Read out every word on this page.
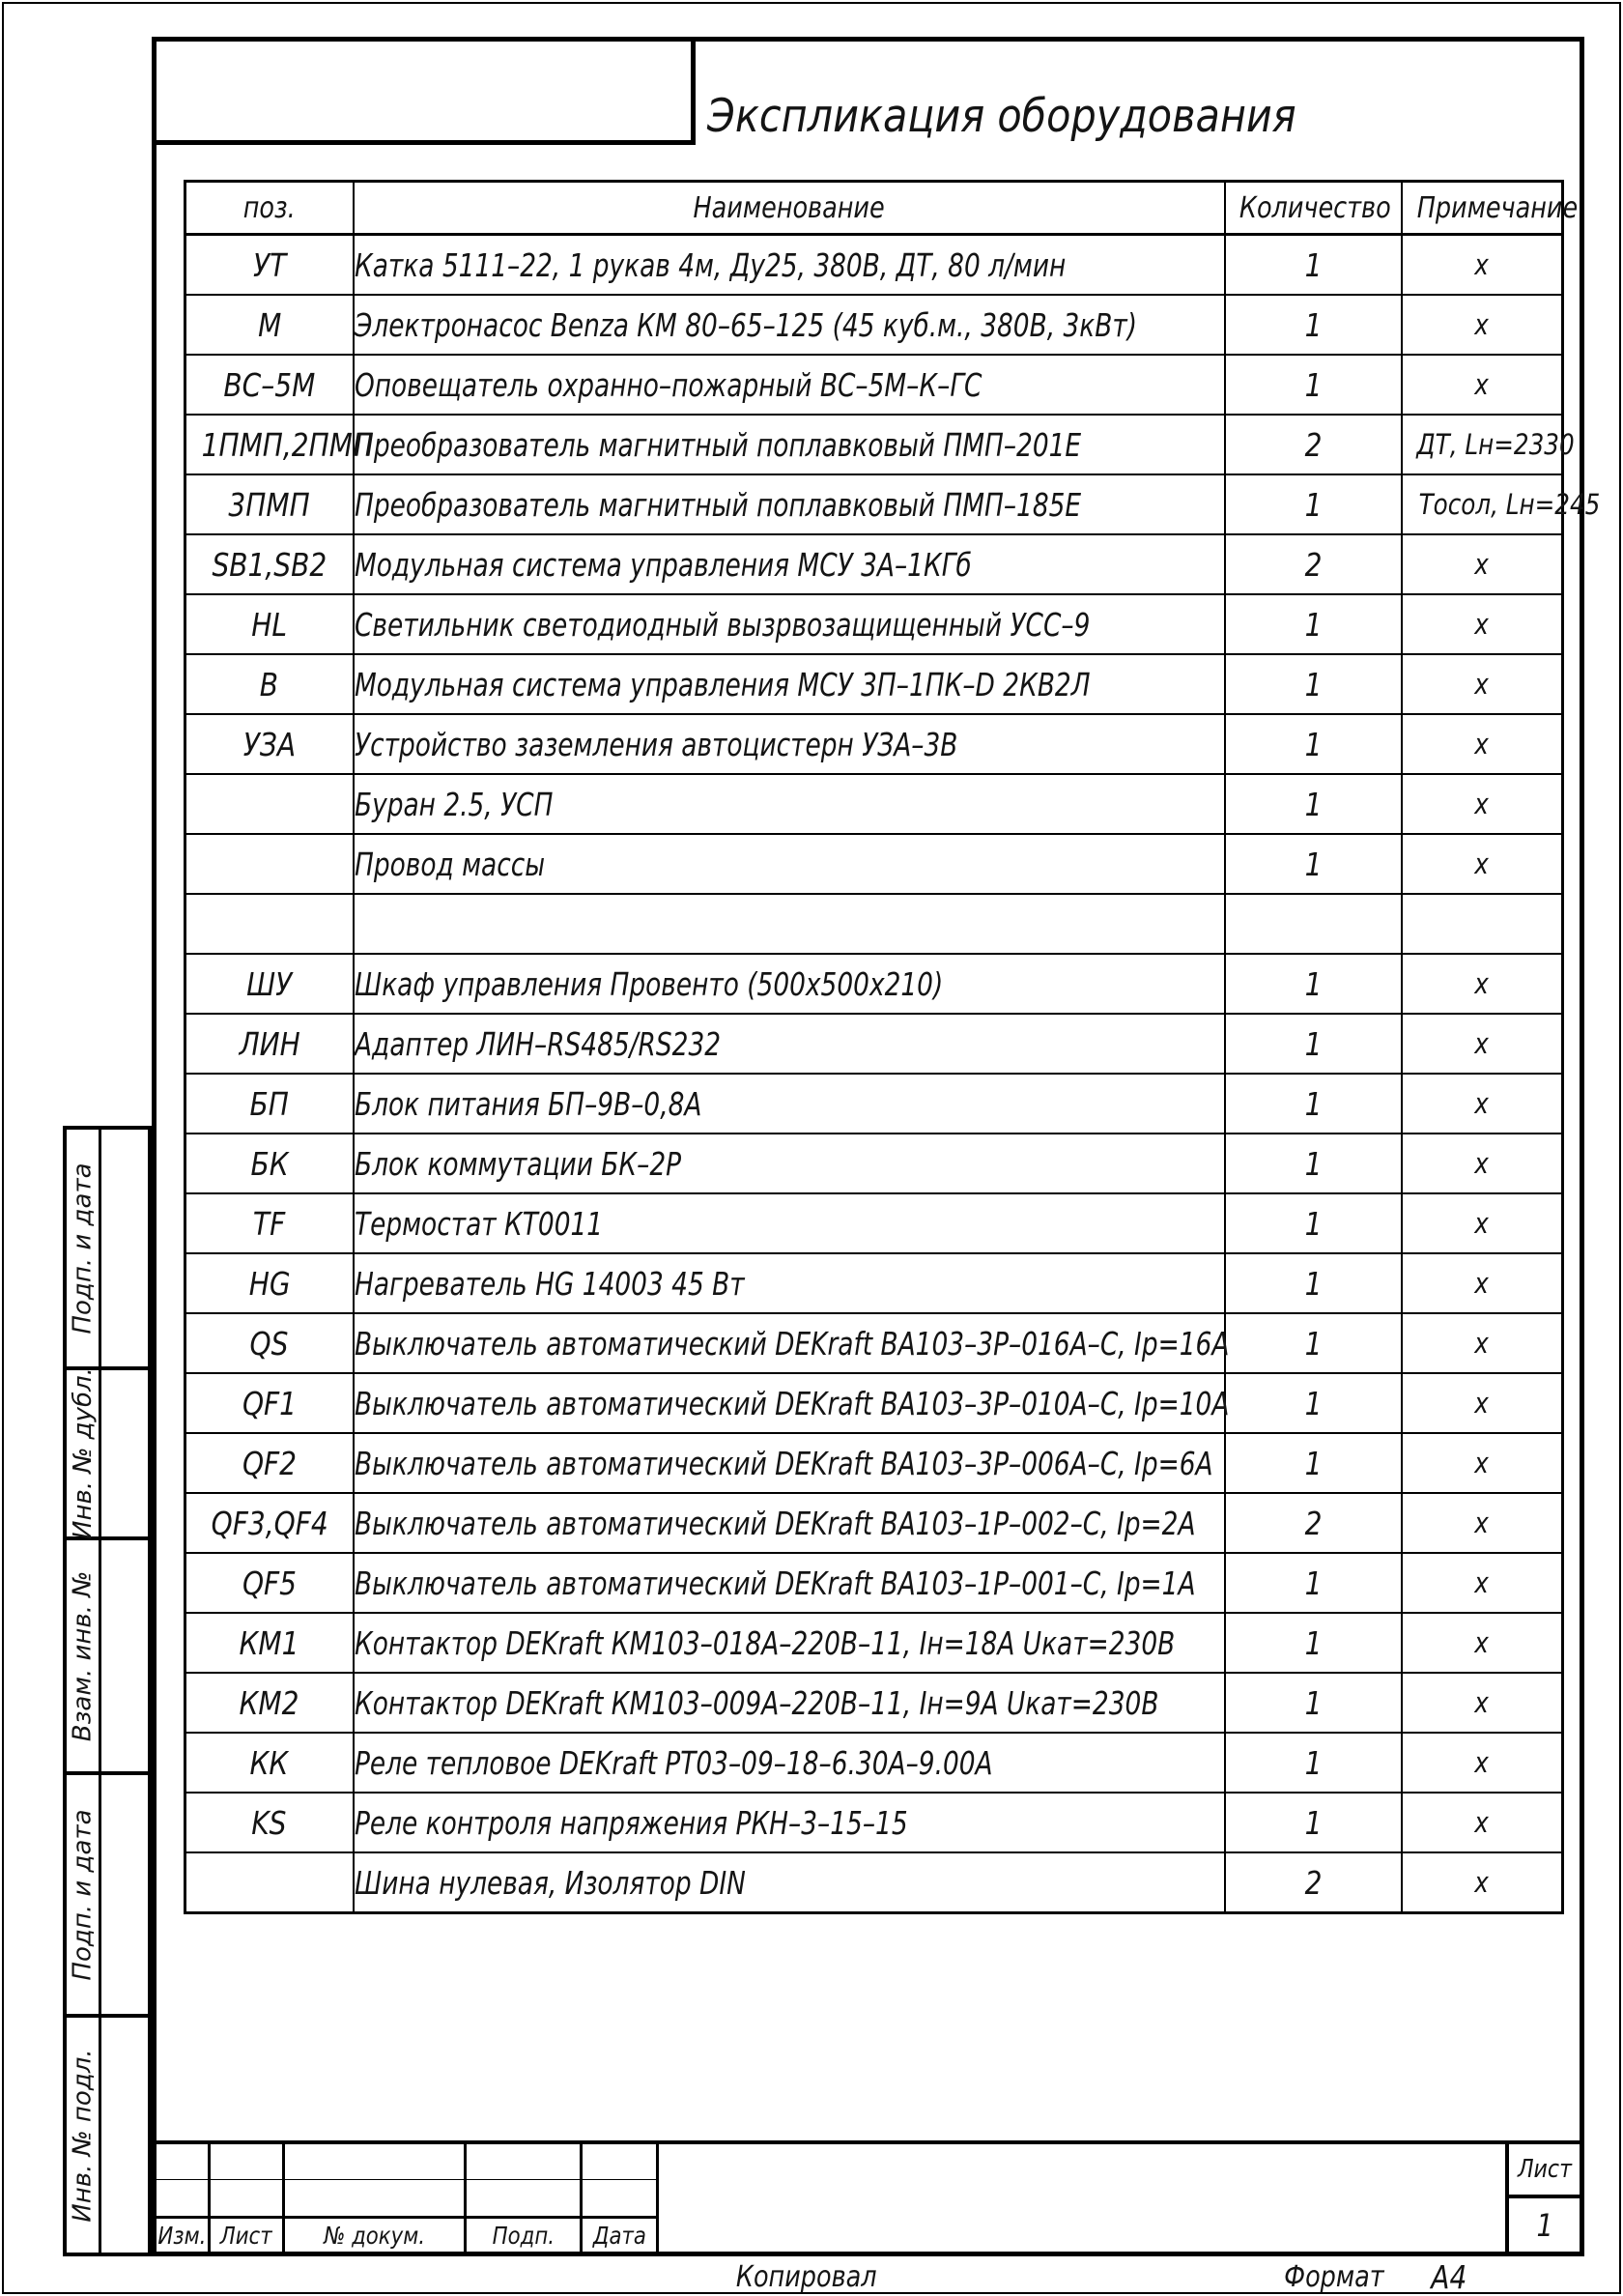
Экспликация оборудования
поз.	Наименование	Количество	Примечание
УТ	Катка 5111–22, 1 рукав 4м, Ду25, 380В, ДТ, 80 л/мин	1	х
М	Электронасос Benza КМ 80–65–125 (45 куб.м., 380В, 3кВт)	1	х
ВС–5М	Оповещатель охранно–пожарный ВС–5М–К–ГС	1	х
1ПМП,2ПМП	Преобразователь магнитный поплавковый ПМП–201Е	2	ДТ, Lн=2330
3ПМП	Преобразователь магнитный поплавковый ПМП–185Е	1	Тосол, Lн=245
SB1,SB2	Модульная система управления МСУ 3А–1КГб	2	х
HL	Светильник светодиодный вызрвозащищенный УСС–9	1	х
В	Модульная система управления МСУ 3П–1ПК–D 2КВ2Л	1	х
УЗА	Устройство заземления автоцистерн УЗА–3В	1	х
	Буран 2.5, УСП	1	х
	Провод массы	1	х

ШУ	Шкаф управления Провенто (500х500х210)	1	х
ЛИН	Адаптер ЛИН–RS485/RS232	1	х
БП	Блок питания БП–9В–0,8А	1	х
БК	Блок коммутации БК–2Р	1	х
TF	Термостат КТ0011	1	х
HG	Нагреватель HG 14003 45 Вт	1	х
QS	Выключатель автоматический DEKraft ВА103–3Р–016А–С, Iр=16А	1	х
QF1	Выключатель автоматический DEKraft ВА103–3Р–010А–С, Iр=10А	1	х
QF2	Выключатель автоматический DEKraft ВА103–3Р–006А–С, Iр=6А	1	х
QF3,QF4	Выключатель автоматический DEKraft ВА103–1Р–002–С, Iр=2А	2	х
QF5	Выключатель автоматический DEKraft ВА103–1Р–001–С, Iр=1А	1	х
КМ1	Контактор DEKraft КМ103–018А–220В–11, Iн=18А Uкат=230В	1	х
КМ2	Контактор DEKraft КМ103–009А–220В–11, Iн=9А Uкат=230В	1	х
КК	Реле тепловое DEKraft РТ03–09–18–6.30А–9.00А	1	х
KS	Реле контроля напряжения РКН–3–15–15	1	х
	Шина нулевая, Изолятор DIN	2	х
Подп. и дата
Инв. № дубл.
Взам. инв. №
Подп. и дата
Инв. № подл.
Изм. Лист № докум.	Подп. Дата
Лист
1
Копировал	Формат А4
